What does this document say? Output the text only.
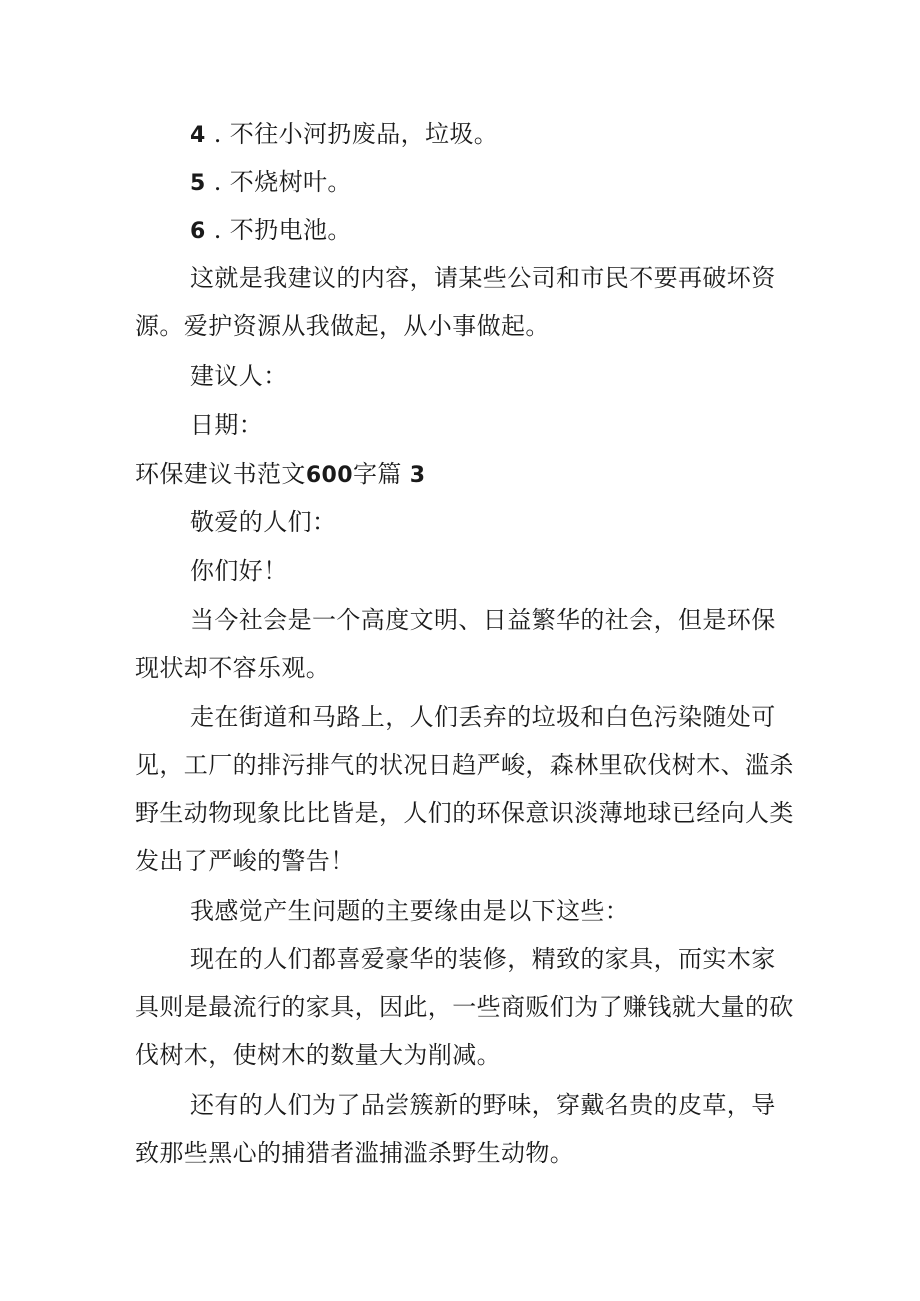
4 . 不往小河扔废品，垃圾。

5 . 不烧树叶。

6 . 不扔电池。

这就是我建议的内容，请某些公司和市民不要再破坏资源。爱护资源从我做起，从小事做起。

建议人：

日期：

环保建议书范文600字篇 3

敬爱的人们：

你们好！

当今社会是一个高度文明、日益繁华的社会，但是环保现状却不容乐观。

走在街道和马路上，人们丢弃的垃圾和白色污染随处可见，工厂的排污排气的状况日趋严峻，森林里砍伐树木、滥杀野生动物现象比比皆是，人们的环保意识淡薄地球已经向人类发出了严峻的警告！

我感觉产生问题的主要缘由是以下这些：

现在的人们都喜爱豪华的装修，精致的家具，而实木家具则是最流行的家具，因此，一些商贩们为了赚钱就大量的砍伐树木，使树木的数量大为削减。

还有的人们为了品尝簇新的野味，穿戴名贵的皮草，导致那些黑心的捕猎者滥捕滥杀野生动物。
